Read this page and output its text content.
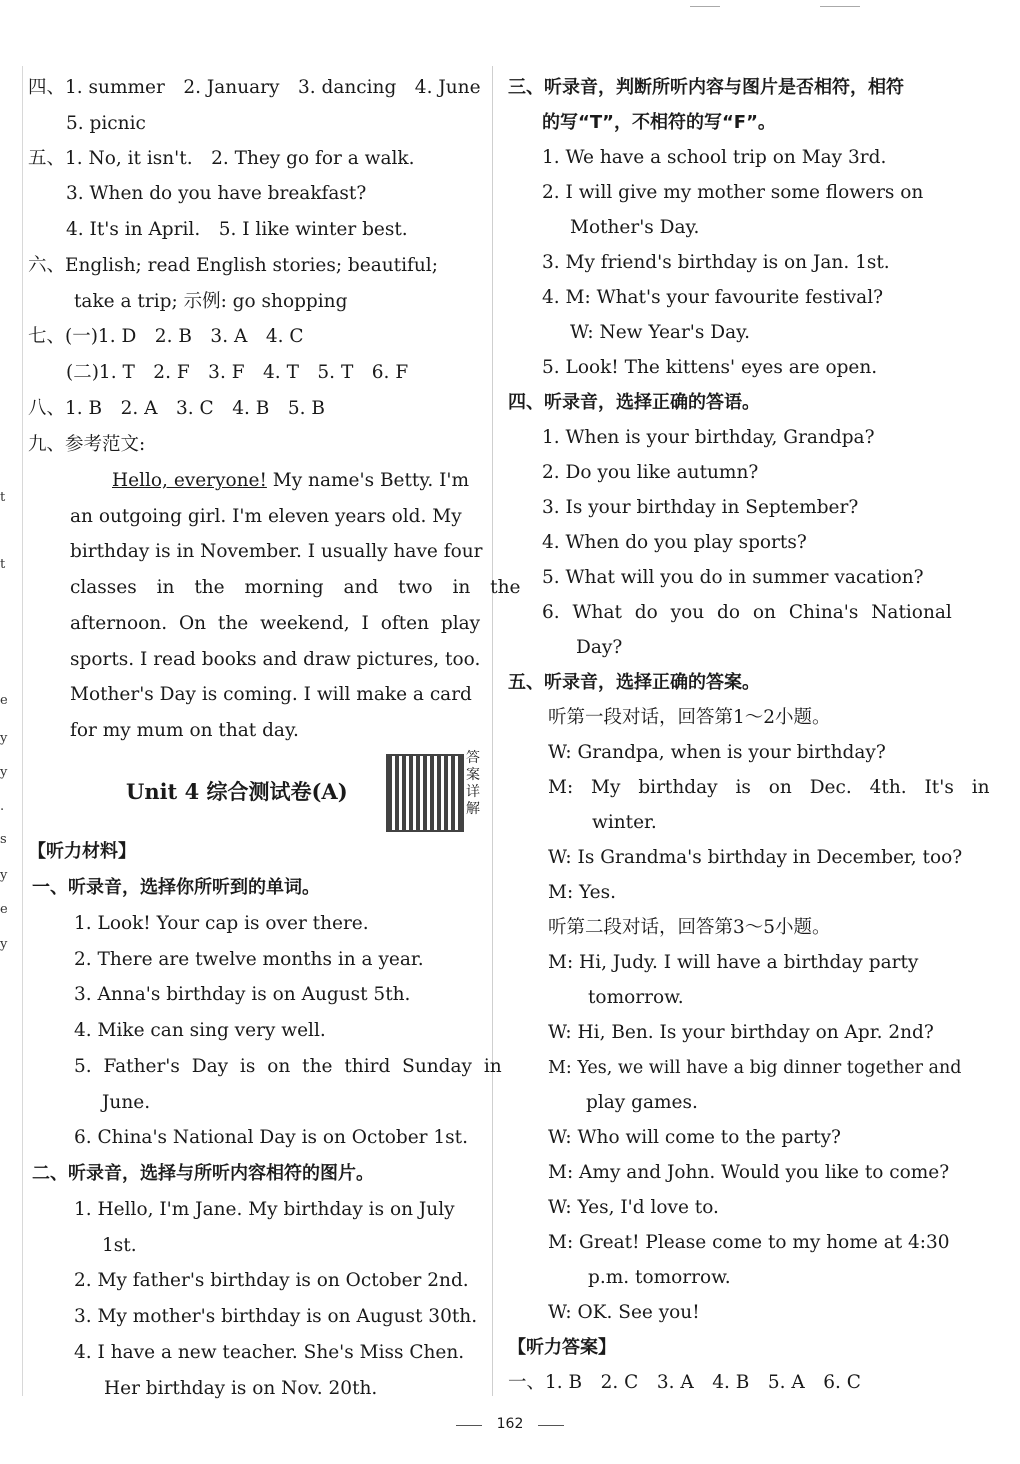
t
t
e
y
y
.
s
y
e
y
四、1. summer　2. January　3. dancing　4. June
5. picnic
五、1. No, it isn't.　2. They go for a walk.
3. When do you have breakfast?
4. It's in April.　5. I like winter best.
六、English; read English stories; beautiful;
take a trip; 示例: go shopping
七、(一)1. D　2. B　3. A　4. C
(二)1. T　2. F　3. F　4. T　5. T　6. F
八、1. B　2. A　3. C　4. B　5. B
九、参考范文:
Hello, everyone! My name's Betty. I'm
an outgoing girl. I'm eleven years old. My
birthday is in November. I usually have four
classes in the morning and two in the
afternoon. On the weekend, I often play
sports. I read books and draw pictures, too.
Mother's Day is coming. I will make a card
for my mum on that day.
Unit 4 综合测试卷(A)
答案详解
【听力材料】
一、听录音，选择你所听到的单词。
1. Look! Your cap is over there.
2. There are twelve months in a year.
3. Anna's birthday is on August 5th.
4. Mike can sing very well.
5. Father's Day is on the third Sunday in
June.
6. China's National Day is on October 1st.
二、听录音，选择与所听内容相符的图片。
1. Hello, I'm Jane. My birthday is on July
1st.
2. My father's birthday is on October 2nd.
3. My mother's birthday is on August 30th.
4. I have a new teacher. She's Miss Chen.
Her birthday is on Nov. 20th.
三、听录音，判断所听内容与图片是否相符，相符
的写“T”，不相符的写“F”。
1. We have a school trip on May 3rd.
2. I will give my mother some flowers on
Mother's Day.
3. My friend's birthday is on Jan. 1st.
4. M: What's your favourite festival?
W: New Year's Day.
5. Look! The kittens' eyes are open.
四、听录音，选择正确的答语。
1. When is your birthday, Grandpa?
2. Do you like autumn?
3. Is your birthday in September?
4. When do you play sports?
5. What will you do in summer vacation?
6. What do you do on China's National
Day?
五、听录音，选择正确的答案。
听第一段对话，回答第1～2小题。
W: Grandpa, when is your birthday?
M: My birthday is on Dec. 4th. It's in
winter.
W: Is Grandma's birthday in December, too?
M: Yes.
听第二段对话，回答第3～5小题。
M: Hi, Judy. I will have a birthday party
tomorrow.
W: Hi, Ben. Is your birthday on Apr. 2nd?
M: Yes, we will have a big dinner together and
play games.
W: Who will come to the party?
M: Amy and John. Would you like to come?
W: Yes, I'd love to.
M: Great! Please come to my home at 4:30
p.m. tomorrow.
W: OK. See you!
【听力答案】
一、1. B　2. C　3. A　4. B　5. A　6. C
162
